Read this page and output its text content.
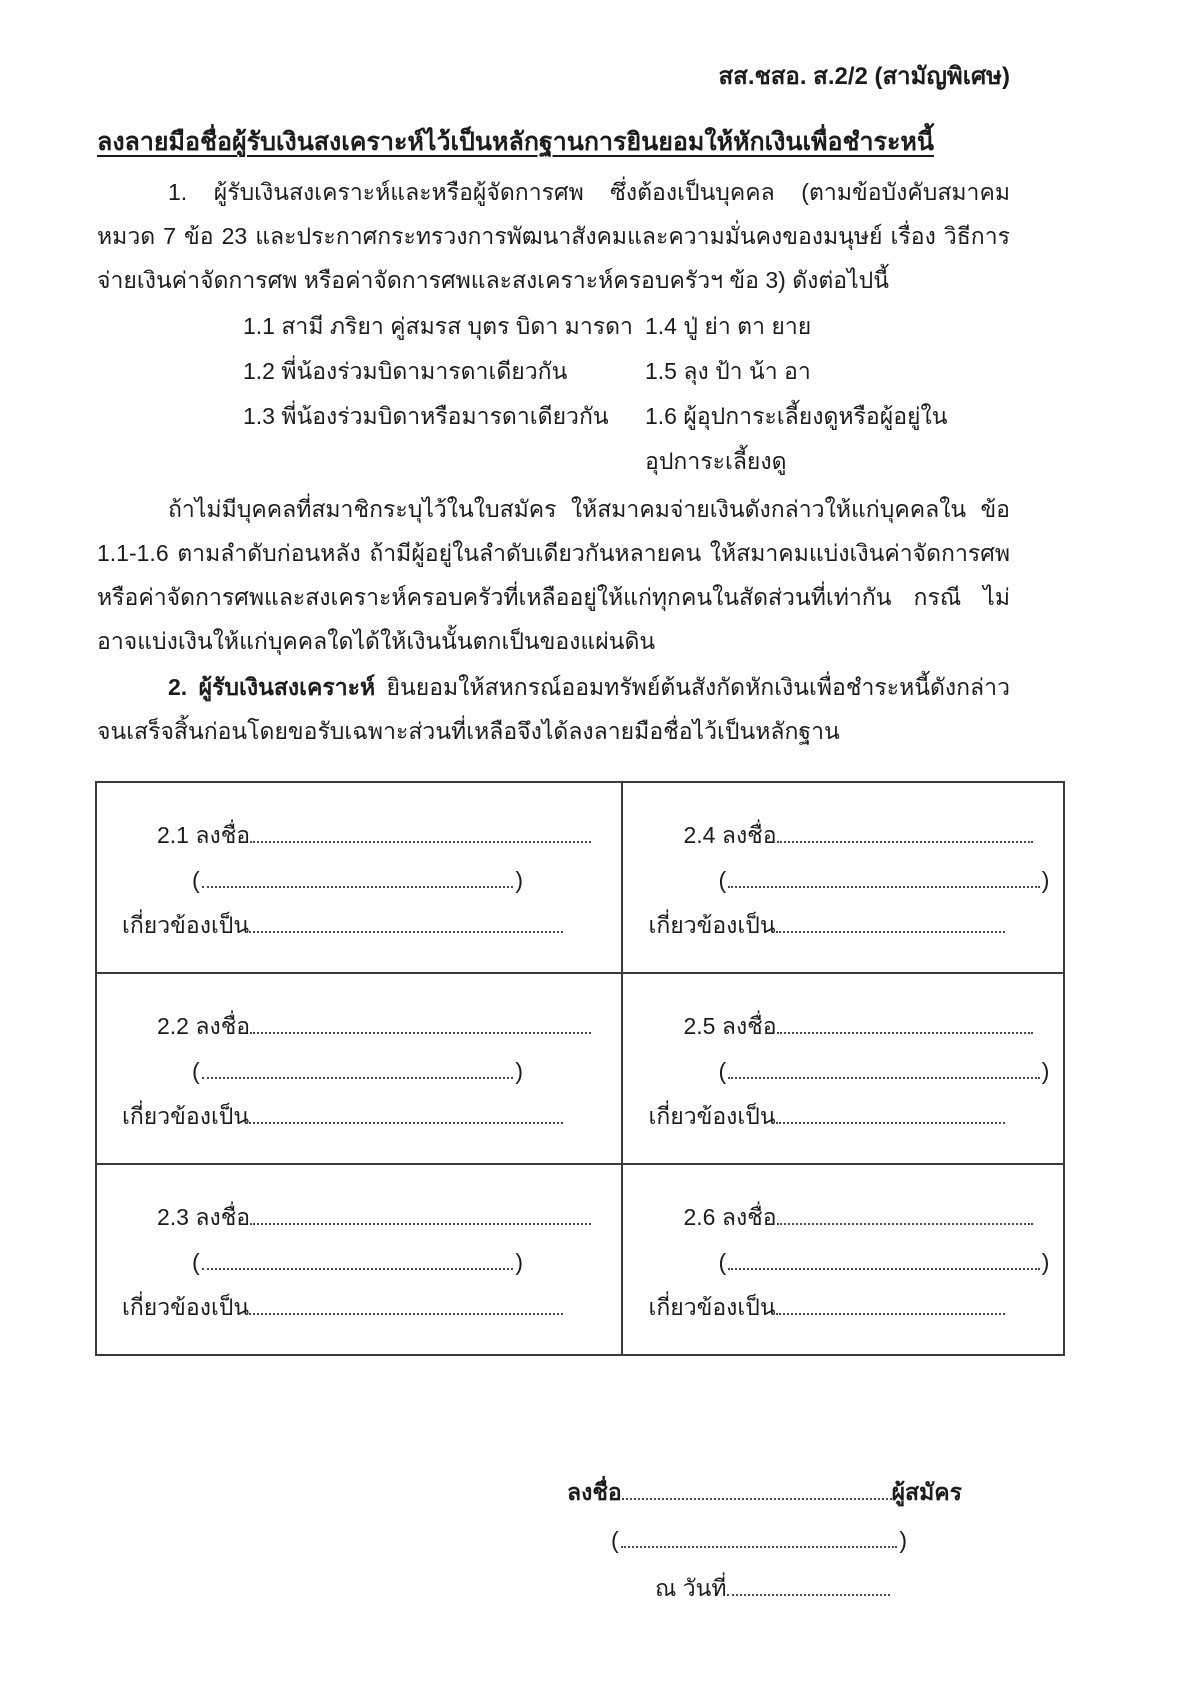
สส.ชสอ. ส.2/2 (สามัญพิเศษ)
ลงลายมือชื่อผู้รับเงินสงเคราะห์ไว้เป็นหลักฐานการยินยอมให้หักเงินเพื่อชำระหนี้

1. ผู้รับเงินสงเคราะห์และหรือผู้จัดการศพ ซึ่งต้องเป็นบุคคล (ตามข้อบังคับสมาคม หมวด 7 ข้อ 23 และประกาศกระทรวงการพัฒนาสังคมและความมั่นคงของมนุษย์ เรื่อง วิธีการจ่ายเงินค่าจัดการศพ หรือค่าจัดการศพและสงเคราะห์ครอบครัวฯ ข้อ 3) ดังต่อไปนี้

1.1 สามี ภริยา คู่สมรส บุตร บิดา มารดา 1.4 ปู่ ย่า ตา ยาย
1.2 พี่น้องร่วมบิดามารดาเดียวกัน	1.5 ลุง ป้า น้า อา
1.3 พี่น้องร่วมบิดาหรือมารดาเดียวกัน	1.6 ผู้อุปการะเลี้ยงดูหรือผู้อยู่ในอุปการะเลี้ยงดู

ถ้าไม่มีบุคคลที่สมาชิกระบุไว้ในใบสมัคร ให้สมาคมจ่ายเงินดังกล่าวให้แก่บุคคลใน ข้อ 1.1-1.6 ตามลำดับก่อนหลัง ถ้ามีผู้อยู่ในลำดับเดียวกันหลายคน ให้สมาคมแบ่งเงินค่าจัดการศพหรือค่าจัดการศพและสงเคราะห์ครอบครัวที่เหลืออยู่ให้แก่ทุกคนในสัดส่วนที่เท่ากัน กรณี ไม่อาจแบ่งเงินให้แก่บุคคลใดได้ให้เงินนั้นตกเป็นของแผ่นดิน

2. ผู้รับเงินสงเคราะห์ ยินยอมให้สหกรณ์ออมทรัพย์ต้นสังกัดหักเงินเพื่อชำระหนี้ดังกล่าวจนเสร็จสิ้นก่อนโดยขอรับเฉพาะส่วนที่เหลือจึงได้ลงลายมือชื่อไว้เป็นหลักฐาน

2.1
ลงชื่อ
(	)
เกี่ยวข้องเป็น
2.4
ลงชื่อ
(	)
เกี่ยวข้องเป็น
2.2
ลงชื่อ
(	)
เกี่ยวข้องเป็น
2.5
ลงชื่อ
(	)
เกี่ยวข้องเป็น
2.3
ลงชื่อ
(	)
เกี่ยวข้องเป็น
2.6
ลงชื่อ
(	)
เกี่ยวข้องเป็น
ลงชื่อ	ผู้สมัคร
(	)
ณ วันที่
